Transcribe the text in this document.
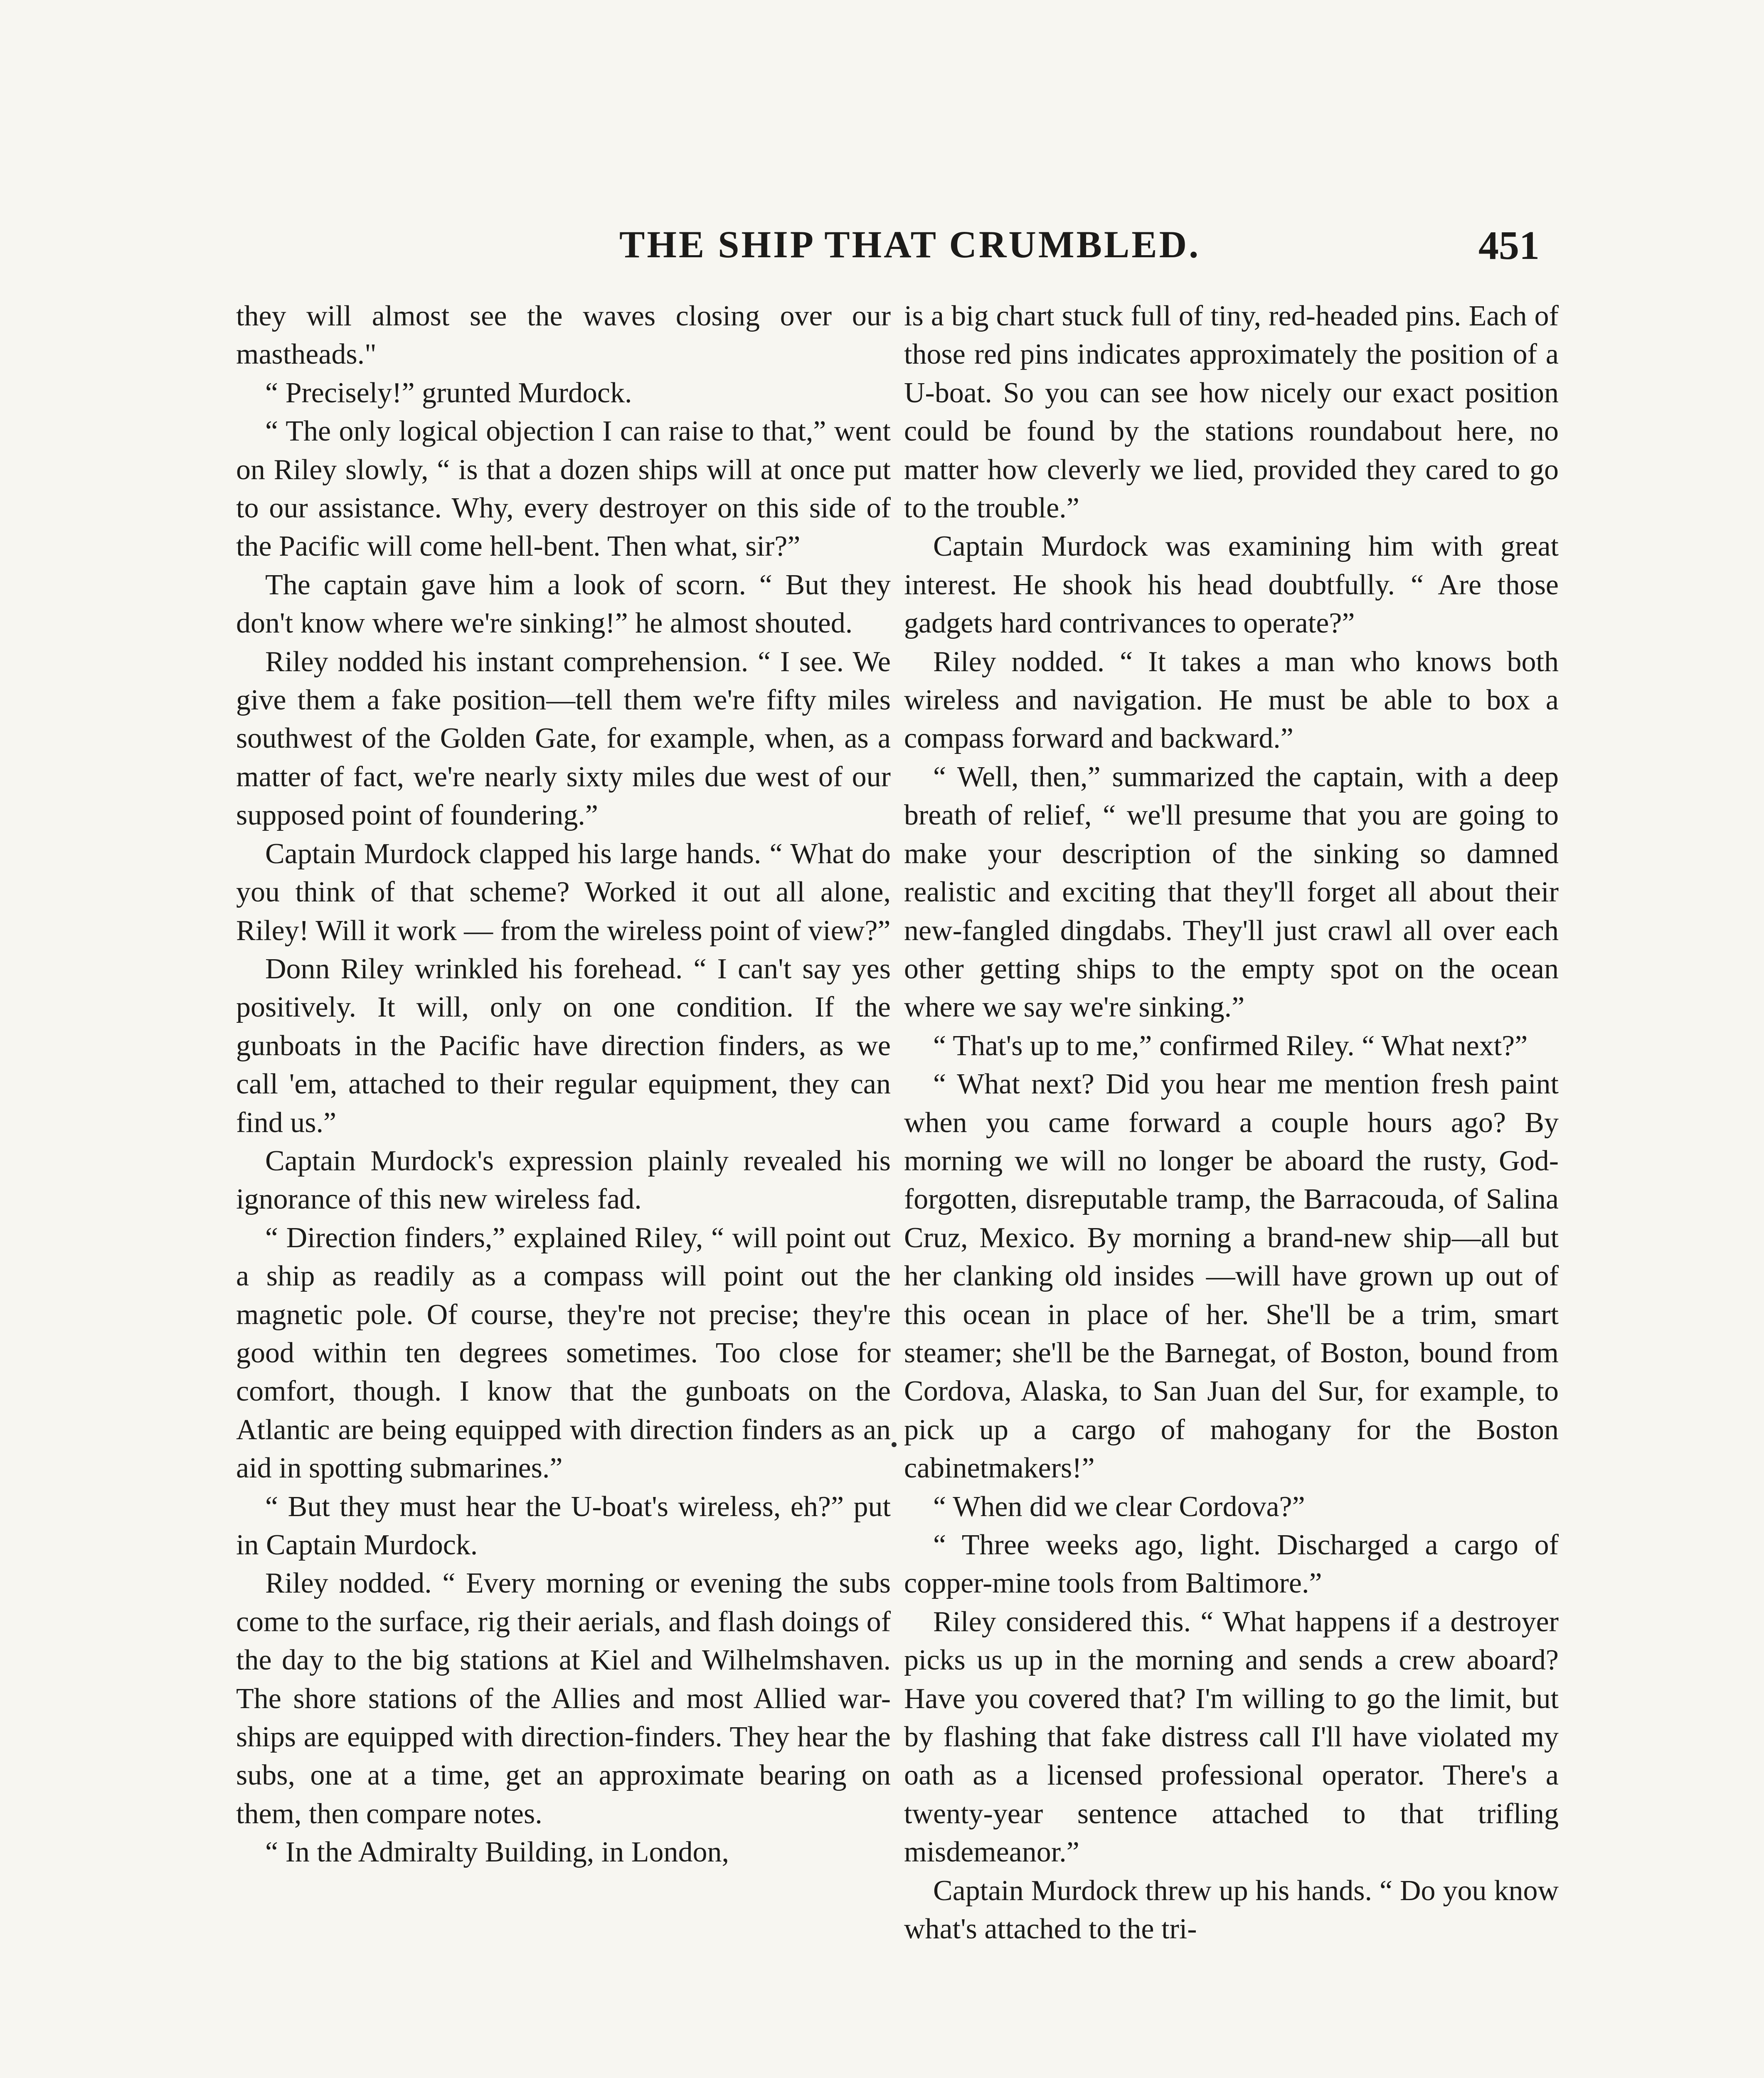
THE SHIP THAT CRUMBLED.	451

they will almost see the waves closing over our mastheads."

“ Precisely!” grunted Murdock.

“ The only logical objection I can raise to that,” went on Riley slowly, “ is that a dozen ships will at once put to our assistance. Why, every destroyer on this side of the Pacific will come hell-bent. Then what, sir?”

The captain gave him a look of scorn. “ But they don't know where we're sinking!” he almost shouted.

Riley nodded his instant comprehension. “ I see. We give them a fake position—tell them we're fifty miles southwest of the Golden Gate, for example, when, as a matter of fact, we're nearly sixty miles due west of our supposed point of foundering.”

Captain Murdock clapped his large hands. “ What do you think of that scheme? Worked it out all alone, Riley! Will it work — from the wireless point of view?”

Donn Riley wrinkled his forehead. “ I can't say yes positively. It will, only on one condition. If the gunboats in the Pacific have direction finders, as we call 'em, attached to their regular equipment, they can find us.”

Captain Murdock's expression plainly revealed his ignorance of this new wireless fad.

“ Direction finders,” explained Riley, “ will point out a ship as readily as a compass will point out the magnetic pole. Of course, they're not precise; they're good within ten degrees sometimes. Too close for comfort, though. I know that the gunboats on the Atlantic are being equipped with direction finders as an aid in spotting submarines.”

“ But they must hear the U-boat's wireless, eh?” put in Captain Murdock.

Riley nodded. “ Every morning or evening the subs come to the surface, rig their aerials, and flash doings of the day to the big stations at Kiel and Wilhelmshaven. The shore stations of the Allies and most Allied war-ships are equipped with direction-finders. They hear the subs, one at a time, get an approximate bearing on them, then compare notes.

“ In the Admiralty Building, in London,

is a big chart stuck full of tiny, red-headed pins. Each of those red pins indicates approximately the position of a U-boat. So you can see how nicely our exact position could be found by the stations roundabout here, no matter how cleverly we lied, provided they cared to go to the trouble.”

Captain Murdock was examining him with great interest. He shook his head doubtfully. “ Are those gadgets hard contrivances to operate?”

Riley nodded. “ It takes a man who knows both wireless and navigation. He must be able to box a compass forward and backward.”

“ Well, then,” summarized the captain, with a deep breath of relief, “ we'll presume that you are going to make your description of the sinking so damned realistic and exciting that they'll forget all about their new-fangled dingdabs. They'll just crawl all over each other getting ships to the empty spot on the ocean where we say we're sinking.”

“ That's up to me,” confirmed Riley. “ What next?”

“ What next? Did you hear me mention fresh paint when you came forward a couple hours ago? By morning we will no longer be aboard the rusty, God-forgotten, disreputable tramp, the Barracouda, of Salina Cruz, Mexico. By morning a brand-new ship—all but her clanking old insides —will have grown up out of this ocean in place of her. She'll be a trim, smart steamer; she'll be the Barnegat, of Boston, bound from Cordova, Alaska, to San Juan del Sur, for example, to pick up a cargo of mahogany for the Boston cabinetmakers!”

“ When did we clear Cordova?”

“ Three weeks ago, light. Discharged a cargo of copper-mine tools from Baltimore.”

Riley considered this. “ What happens if a destroyer picks us up in the morning and sends a crew aboard? Have you covered that? I'm willing to go the limit, but by flashing that fake distress call I'll have violated my oath as a licensed professional operator. There's a twenty-year sentence attached to that trifling misdemeanor.”

Captain Murdock threw up his hands. “ Do you know what's attached to the tri-
